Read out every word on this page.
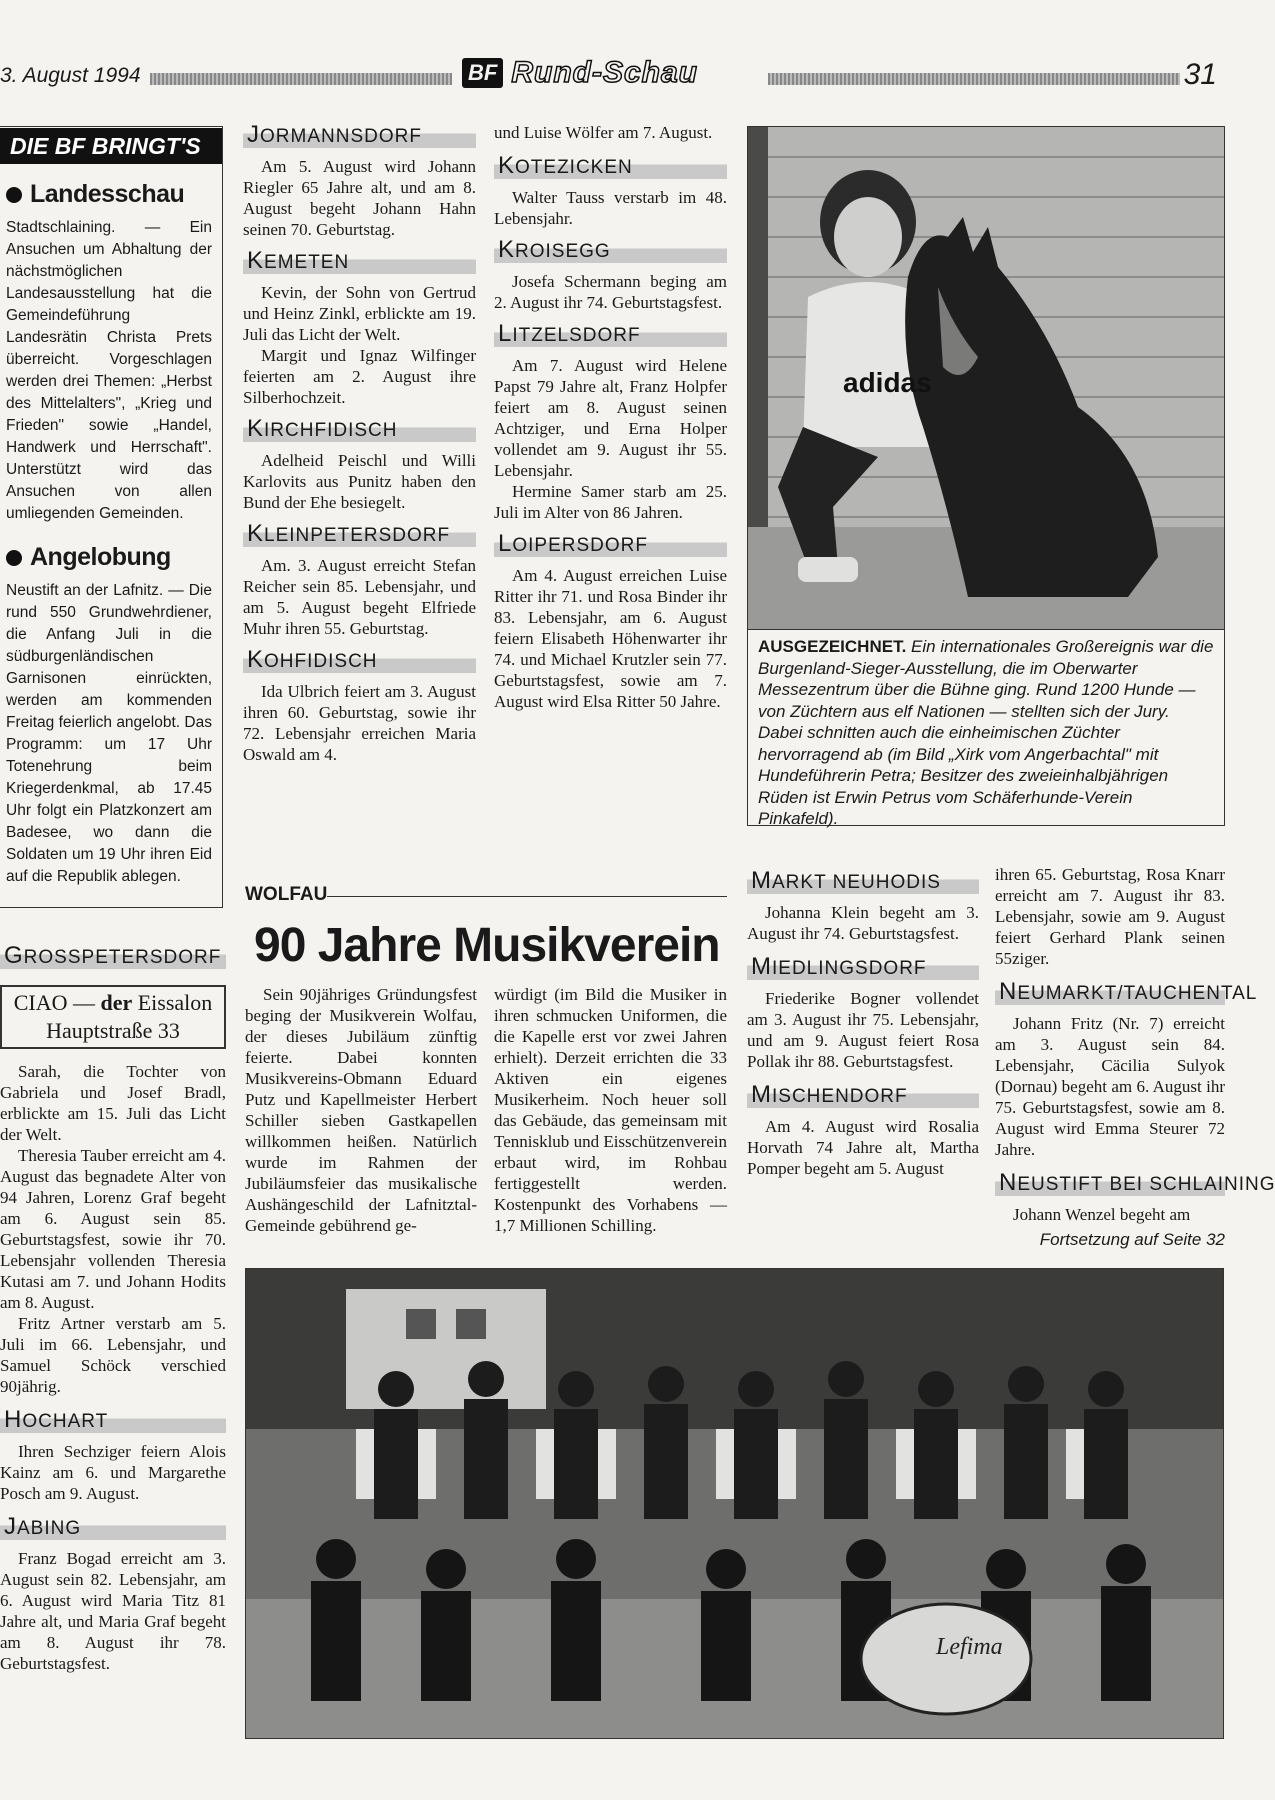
3. August 1994	BF Rund-Schau	31
DIE BF BRINGT'S
Landesschau
Stadtschlaining. — Ein Ansuchen um Abhaltung der nächstmöglichen Landesausstellung hat die Gemeindeführung Landesrätin Christa Prets überreicht. Vorgeschlagen werden drei Themen: „Herbst des Mittelalters", „Krieg und Frieden" sowie „Handel, Handwerk und Herrschaft". Unterstützt wird das Ansuchen von allen umliegenden Gemeinden.
Angelobung
Neustift an der Lafnitz. — Die rund 550 Grundwehrdiener, die Anfang Juli in die südburgenländischen Garnisonen einrückten, werden am kommenden Freitag feierlich angelobt. Das Programm: um 17 Uhr Totenehrung beim Kriegerdenkmal, ab 17.45 Uhr folgt ein Platzkonzert am Badesee, wo dann die Soldaten um 19 Uhr ihren Eid auf die Republik ablegen.
JORMANNSDORF

Am 5. August wird Johann Riegler 65 Jahre alt, und am 8. August begeht Johann Hahn seinen 70. Geburtstag.

KEMETEN

Kevin, der Sohn von Gertrud und Heinz Zinkl, erblickte am 19. Juli das Licht der Welt.

Margit und Ignaz Wilfinger feierten am 2. August ihre Silberhochzeit.

KIRCHFIDISCH

Adelheid Peischl und Willi Karlovits aus Punitz haben den Bund der Ehe besiegelt.

KLEINPETERSDORF

Am. 3. August erreicht Stefan Reicher sein 85. Lebensjahr, und am 5. August begeht Elfriede Muhr ihren 55. Geburtstag.

KOHFIDISCH

Ida Ulbrich feiert am 3. August ihren 60. Geburtstag, sowie ihr 72. Lebensjahr erreichen Maria Oswald am 4.

und Luise Wölfer am 7. August.

KOTEZICKEN

Walter Tauss verstarb im 48. Lebensjahr.

KROISEGG

Josefa Schermann beging am 2. August ihr 74. Geburtstagsfest.

LITZELSDORF

Am 7. August wird Helene Papst 79 Jahre alt, Franz Holpfer feiert am 8. August seinen Achtziger, und Erna Holper vollendet am 9. August ihr 55. Lebensjahr.

Hermine Samer starb am 25. Juli im Alter von 86 Jahren.

LOIPERSDORF

Am 4. August erreichen Luise Ritter ihr 71. und Rosa Binder ihr 83. Lebensjahr, am 6. August feiern Elisabeth Höhenwarter ihr 74. und Michael Krutzler sein 77. Geburtstagsfest, sowie am 7. August wird Elsa Ritter 50 Jahre.

adidas
AUSGEZEICHNET. Ein internationales Großereignis war die Burgenland-Sieger-Ausstellung, die im Oberwarter Messezentrum über die Bühne ging. Rund 1200 Hunde — von Züchtern aus elf Nationen — stellten sich der Jury. Dabei schnitten auch die einheimischen Züchter hervorragend ab (im Bild „Xirk vom Angerbachtal" mit Hundeführerin Petra; Besitzer des zweieinhalbjährigen Rüden ist Erwin Petrus vom Schäferhunde-Verein Pinkafeld).
GROSSPETERSDORF
CIAO — der Eissalon
Hauptstraße 33

Sarah, die Tochter von Gabriela und Josef Bradl, erblickte am 15. Juli das Licht der Welt.

Theresia Tauber erreicht am 4. August das begnadete Alter von 94 Jahren, Lorenz Graf begeht am 6. August sein 85. Geburtstagsfest, sowie ihr 70. Lebensjahr vollenden Theresia Kutasi am 7. und Johann Hodits am 8. August.

Fritz Artner verstarb am 5. Juli im 66. Lebensjahr, und Samuel Schöck verschied 90jährig.

HOCHART

Ihren Sechziger feiern Alois Kainz am 6. und Margarethe Posch am 9. August.

JABING

Franz Bogad erreicht am 3. August sein 82. Lebensjahr, am 6. August wird Maria Titz 81 Jahre alt, und Maria Graf begeht am 8. August ihr 78. Geburtstagsfest.

WOLFAU
90 Jahre Musikverein

Sein 90jähriges Gründungsfest beging der Musikverein Wolfau, der dieses Jubiläum zünftig feierte. Dabei konnten Musikvereins-Obmann Eduard Putz und Kapellmeister Herbert Schiller sieben Gastkapellen willkommen heißen. Natürlich wurde im Rahmen der Jubiläumsfeier das musikalische Aushängeschild der Lafnitztal-Gemeinde gebührend ge-

würdigt (im Bild die Musiker in ihren schmucken Uniformen, die die Kapelle erst vor zwei Jahren erhielt). Derzeit errichten die 33 Aktiven ein eigenes Musikerheim. Noch heuer soll das Gebäude, das gemeinsam mit Tennisklub und Eisschützenverein erbaut wird, im Rohbau fertiggestellt werden. Kostenpunkt des Vorhabens — 1,7 Millionen Schilling.

MARKT NEUHODIS

Johanna Klein begeht am 3. August ihr 74. Geburtstagsfest.

MIEDLINGSDORF

Friederike Bogner vollendet am 3. August ihr 75. Lebensjahr, und am 9. August feiert Rosa Pollak ihr 88. Geburtstagsfest.

MISCHENDORF

Am 4. August wird Rosalia Horvath 74 Jahre alt, Martha Pomper begeht am 5. August

ihren 65. Geburtstag, Rosa Knarr erreicht am 7. August ihr 83. Lebensjahr, sowie am 9. August feiert Gerhard Plank seinen 55ziger.

NEUMARKT/TAUCHENTAL

Johann Fritz (Nr. 7) erreicht am 3. August sein 84. Lebensjahr, Cäcilia Sulyok (Dornau) begeht am 6. August ihr 75. Geburtstagsfest, sowie am 8. August wird Emma Steurer 72 Jahre.

NEUSTIFT BEI SCHLAINING

Johann Wenzel begeht am

Fortsetzung auf Seite 32
Lefima
